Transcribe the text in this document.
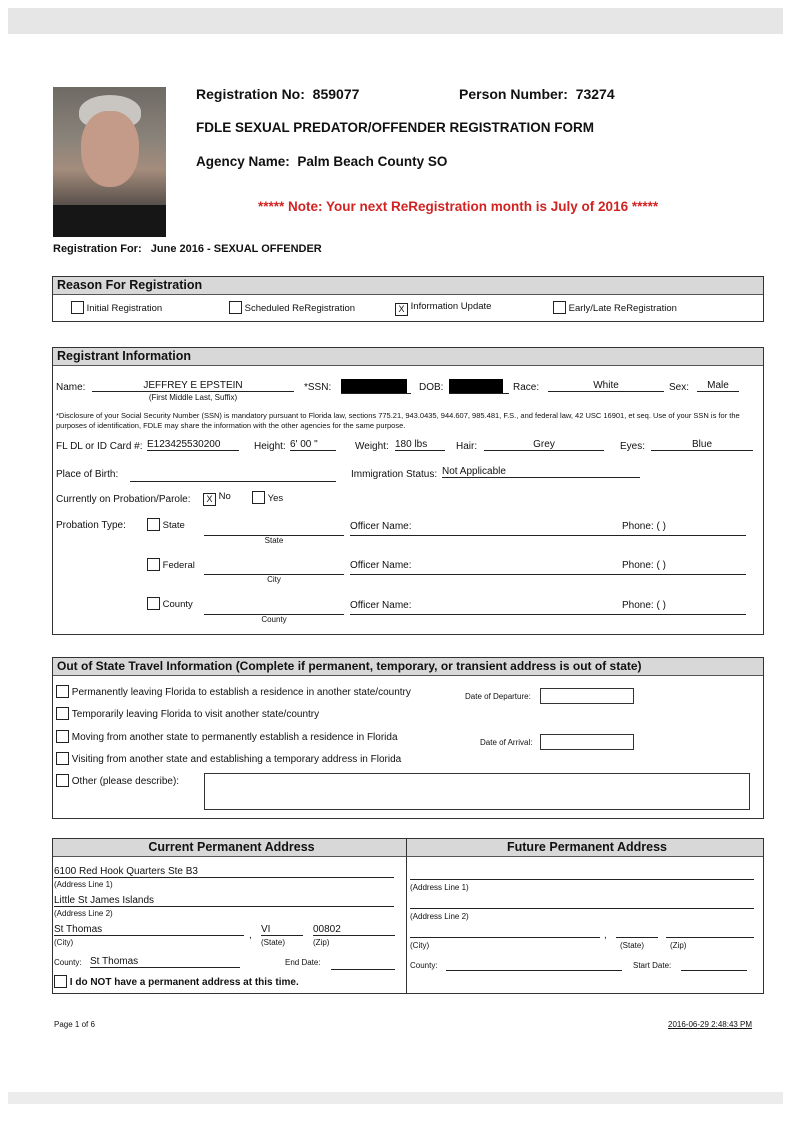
Registration No: 859077	Person Number: 73274
FDLE SEXUAL PREDATOR/OFFENDER REGISTRATION FORM
Agency Name: Palm Beach County SO
***** Note: Your next ReRegistration month is July of 2016 *****
Registration For: June 2016 - SEXUAL OFFENDER
Reason For Registration
Initial Registration	Scheduled ReRegistration	X Information Update	Early/Late ReRegistration
Registrant Information
Name:	JEFFREY E EPSTEIN
(First Middle Last, Suffix)
*SSN:	DOB:	Race:	White	Sex:	Male
*Disclosure of your Social Security Number (SSN) is mandatory pursuant to Florida law, sections 775.21, 943.0435, 944.607, 985.481, F.S., and federal law, 42 USC 16901, et seq. Use of your SSN is for the purposes of identification, FDLE may share the information with the other agencies for the same purpose.
FL DL or ID Card #: E123425530200	Height: 6' 00 "	Weight: 180 lbs	Hair:	Grey	Eyes:	Blue
Place of Birth:	Immigration Status: Not Applicable
Currently on Probation/Parole:	X No	Yes
Probation Type:	State
State
Officer Name:	Phone: ( )
Federal
City
Officer Name:	Phone: ( )
County
County
Officer Name:	Phone: ( )
Out of State Travel Information (Complete if permanent, temporary, or transient address is out of state)
Permanently leaving Florida to establish a residence in another state/country
Temporarily leaving Florida to visit another state/country
Moving from another state to permanently establish a residence in Florida
Visiting from another state and establishing a temporary address in Florida
Other (please describe):
Date of Departure:
Date of Arrival:
Current Permanent Address	Future Permanent Address
6100 Red Hook Quarters Ste B3
(Address Line 1)
Little St James Islands
(Address Line 2)
St Thomas
(City)
,
VI
(State)
00802
(Zip)
County: St Thomas	End Date:
I do NOT have a permanent address at this time.
(Address Line 1)
(Address Line 2)
(City)
,
(State)	(Zip)
County:	Start Date:
Page 1 of 6	2016-06-29 2:48:43 PM
